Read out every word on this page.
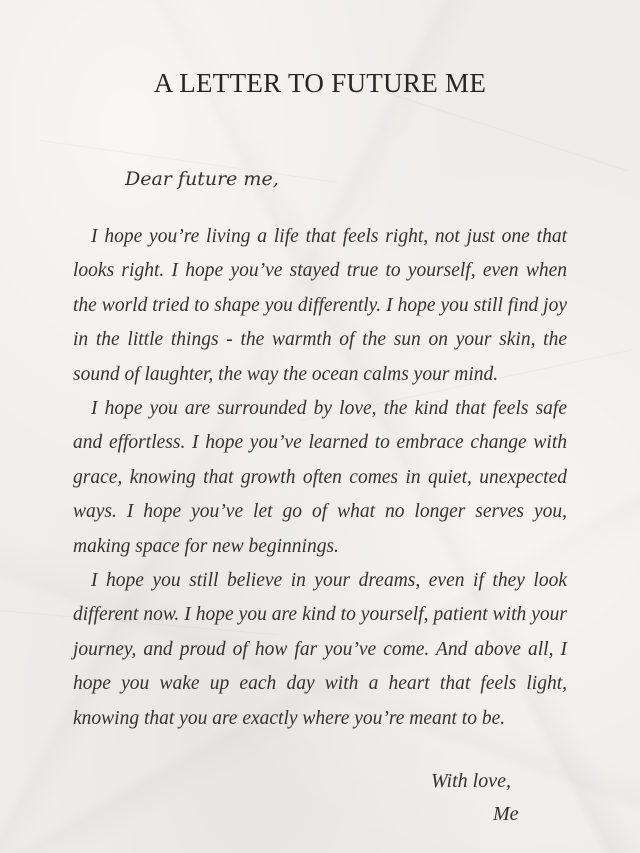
A LETTER TO FUTURE ME
Dear future me,

I hope you’re living a life that feels right, not just one that looks right. I hope you’ve stayed true to yourself, even when the world tried to shape you differently. I hope you still find joy in the little things - the warmth of the sun on your skin, the sound of laughter, the way the ocean calms your mind.

I hope you are surrounded by love, the kind that feels safe and effortless. I hope you’ve learned to embrace change with grace, knowing that growth often comes in quiet, unexpected ways. I hope you’ve let go of what no longer serves you, making space for new beginnings.

I hope you still believe in your dreams, even if they look different now. I hope you are kind to yourself, patient with your journey, and proud of how far you’ve come. And above all, I hope you wake up each day with a heart that feels light, knowing that you are exactly where you’re meant to be.

With love,
Me
